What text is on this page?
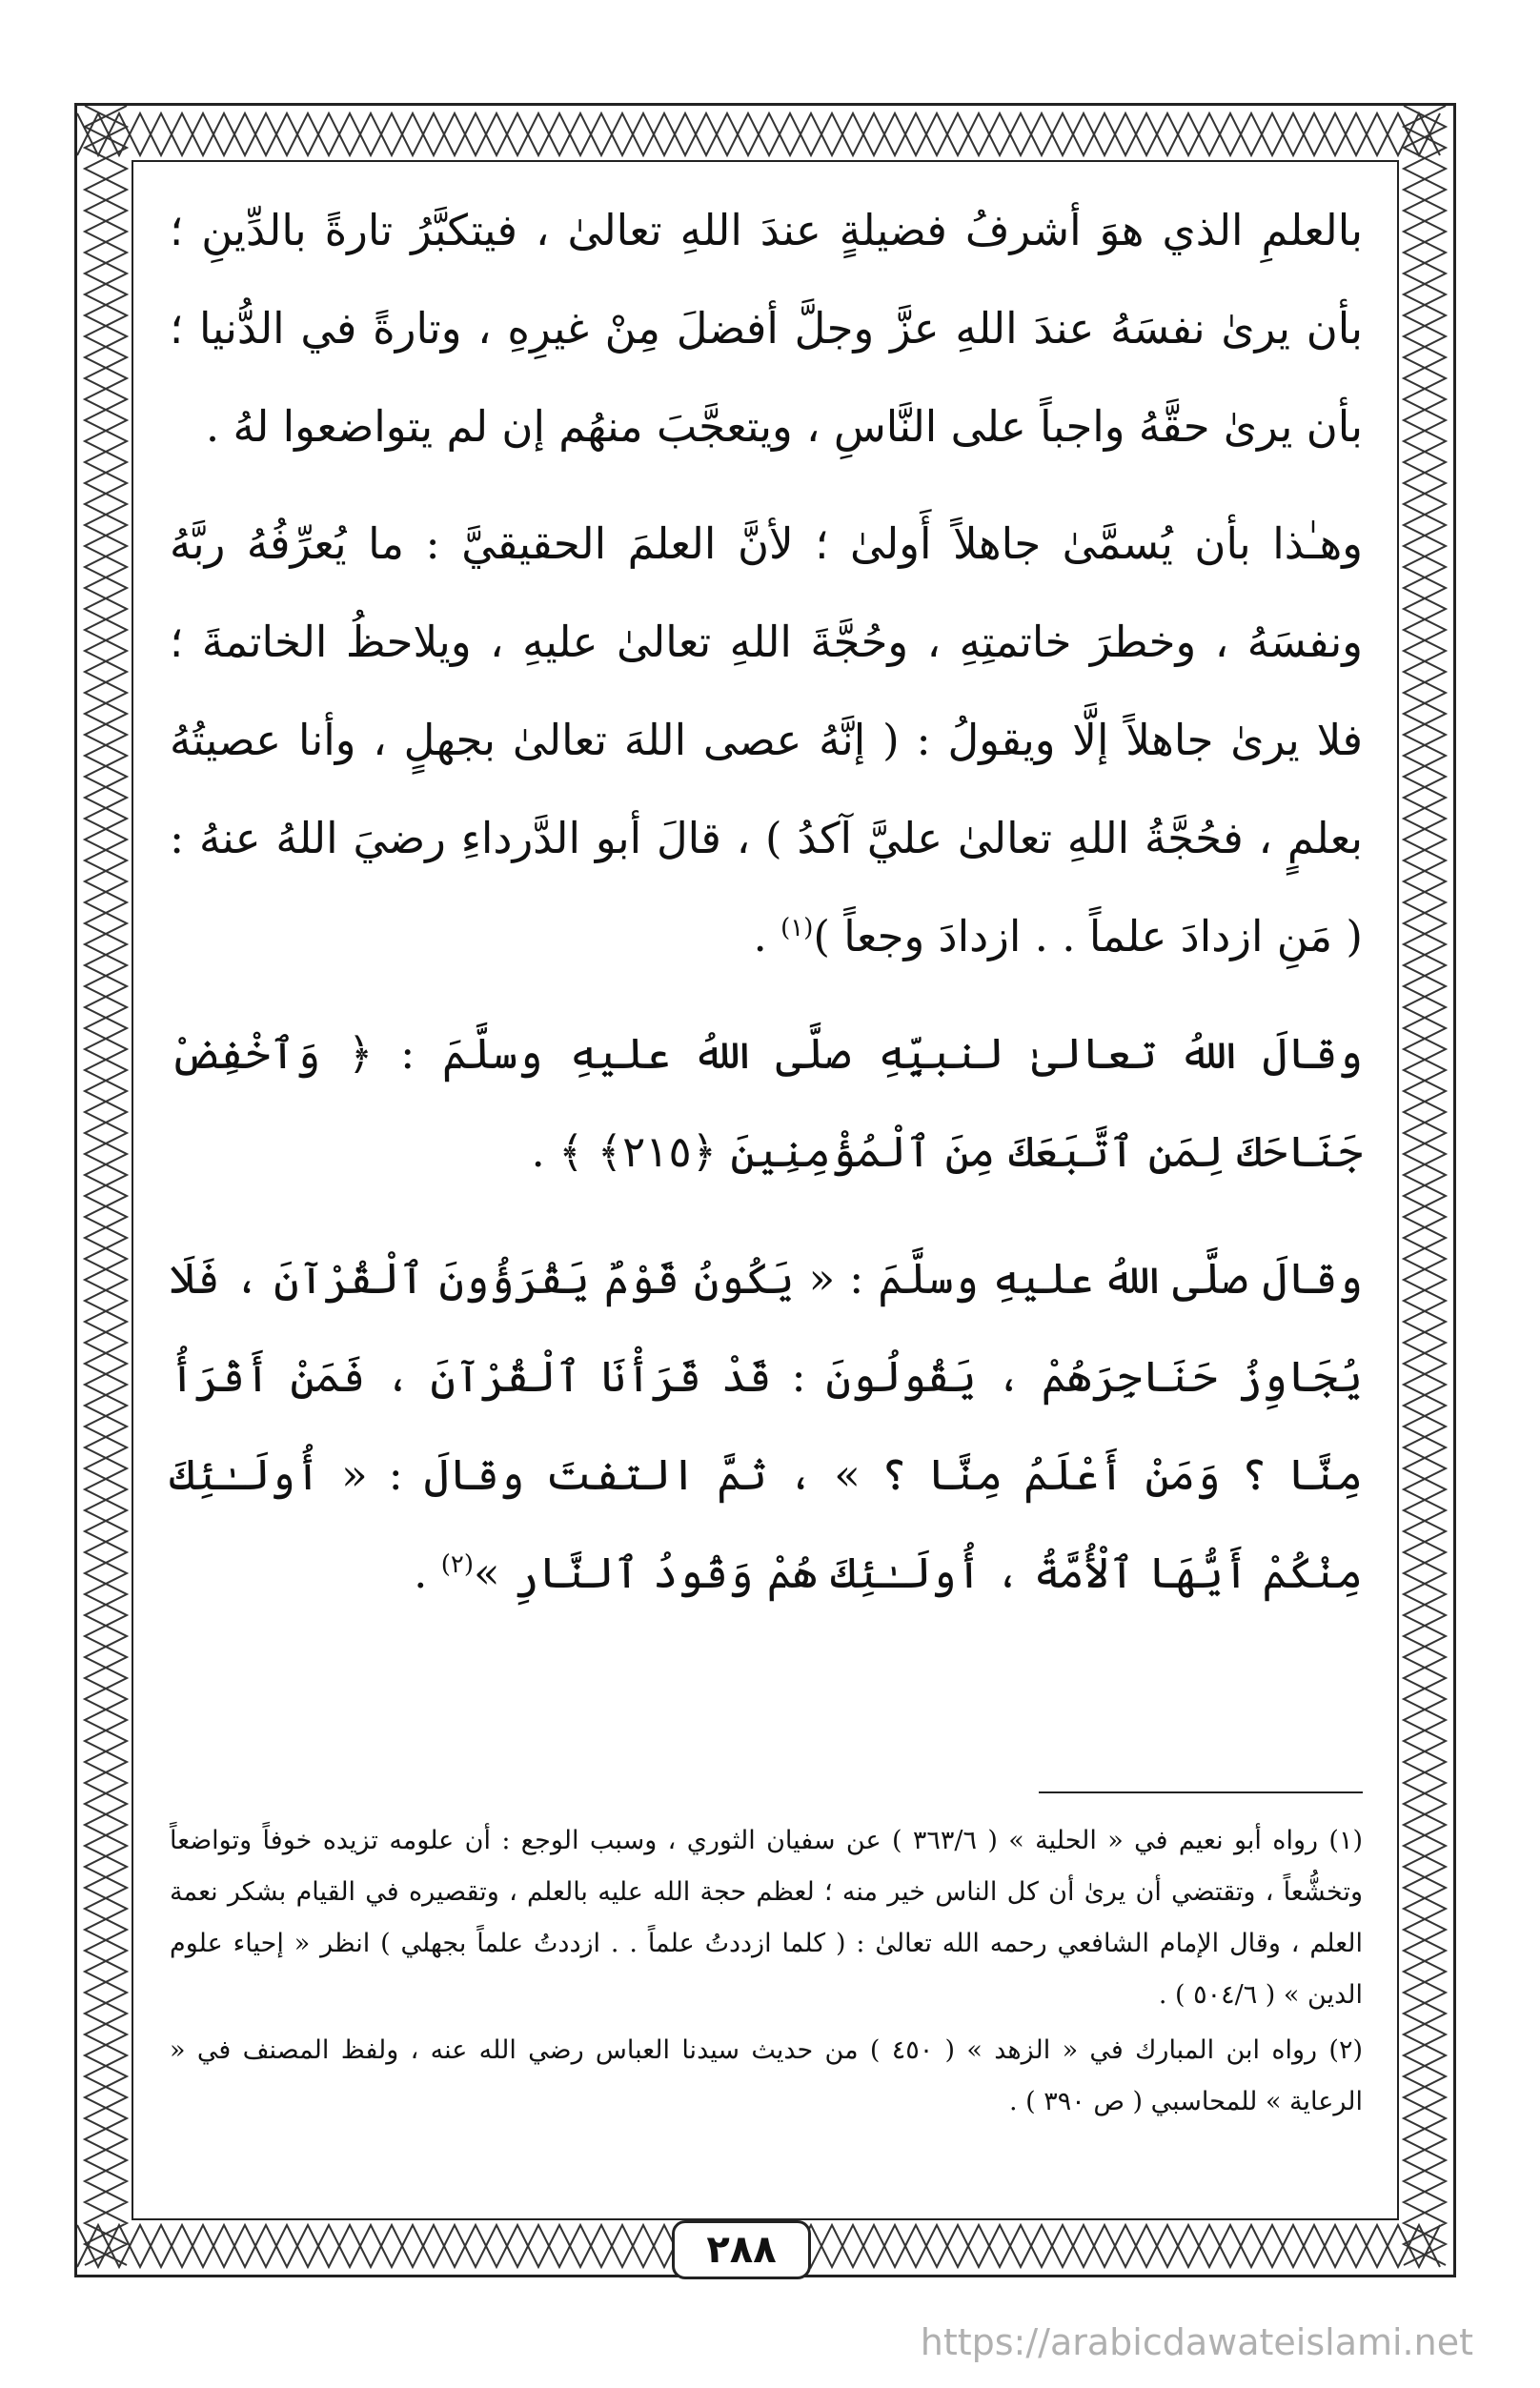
بالعلمِ الذي هوَ أشرفُ فضيلةٍ عندَ اللهِ تعالىٰ ، فيتكبَّرُ تارةً بالدِّينِ ؛ بأن يرىٰ نفسَهُ عندَ اللهِ عزَّ وجلَّ أفضلَ مِنْ غيرِهِ ، وتارةً في الدُّنيا ؛ بأن يرىٰ حقَّهُ واجباً على النَّاسِ ، ويتعجَّبَ منهُم إن لم يتواضعوا لهُ .

وهـٰذا بأن يُسمَّىٰ جاهلاً أَولىٰ ؛ لأنَّ العلمَ الحقيقيَّ : ما يُعرِّفُهُ ربَّهُ ونفسَهُ ، وخطرَ خاتمتِهِ ، وحُجَّةَ اللهِ تعالىٰ عليهِ ، ويلاحظُ الخاتمةَ ؛ فلا يرىٰ جاهلاً إلَّا ويقولُ : ( إنَّهُ عصى اللهَ تعالىٰ بجهلٍ ، وأنا عصيتُهُ بعلمٍ ، فحُجَّةُ اللهِ تعالىٰ عليَّ آكدُ ) ، قالَ أبو الدَّرداءِ رضيَ اللهُ عنهُ : ( مَنِ ازدادَ علماً . . ازدادَ وجعاً )$^{(١)}$ .

وقالَ اللهُ تعالىٰ لنبيِّهِ صلَّى اللهُ عليهِ وسلَّمَ : ﴿ وَٱخْفِضْ جَنَاحَكَ لِمَنِ ٱتَّبَعَكَ مِنَ ٱلْمُؤْمِنِينَ ﴿٢١٥﴾ ﴾ .

وقالَ صلَّى اللهُ عليهِ وسلَّمَ : « يَكُونُ قَوْمٌ يَقْرَؤُونَ ٱلْقُرْآنَ ، فَلَا يُجَاوِزُ حَنَاجِرَهُمْ ، يَقُولُونَ : قَدْ قَرَأْنَا ٱلْقُرْآنَ ، فَمَنْ أَقْرَأُ مِنَّا ؟ وَمَنْ أَعْلَمُ مِنَّا ؟ » ، ثمَّ التفتَ وقالَ : « أُولَـٰئِكَ مِنْكُمْ أَيُّهَا ٱلْأُمَّةُ ، أُولَـٰئِكَ هُمْ وَقُودُ ٱلنَّارِ »$^{(٢)}$ .

(١) رواه أبو نعيم في « الحلية » ( ٣٦٣/٦ ) عن سفيان الثوري ، وسبب الوجع : أن علومه تزيده خوفاً وتواضعاً وتخشُّعاً ، وتقتضي أن يرىٰ أن كل الناس خير منه ؛ لعظم حجة الله عليه بالعلم ، وتقصيره في القيام بشكر نعمة العلم ، وقال الإمام الشافعي رحمه الله تعالىٰ : ( كلما ازددتُ علماً . . ازددتُ علماً بجهلي ) انظر « إحياء علوم الدين » ( ٥٠٤/٦ ) .

(٢) رواه ابن المبارك في « الزهد » ( ٤٥٠ ) من حديث سيدنا العباس رضي الله عنه ، ولفظ المصنف في « الرعاية » للمحاسبي ( ص ٣٩٠ ) .

٢٨٨
https://arabicdawateislami.net
